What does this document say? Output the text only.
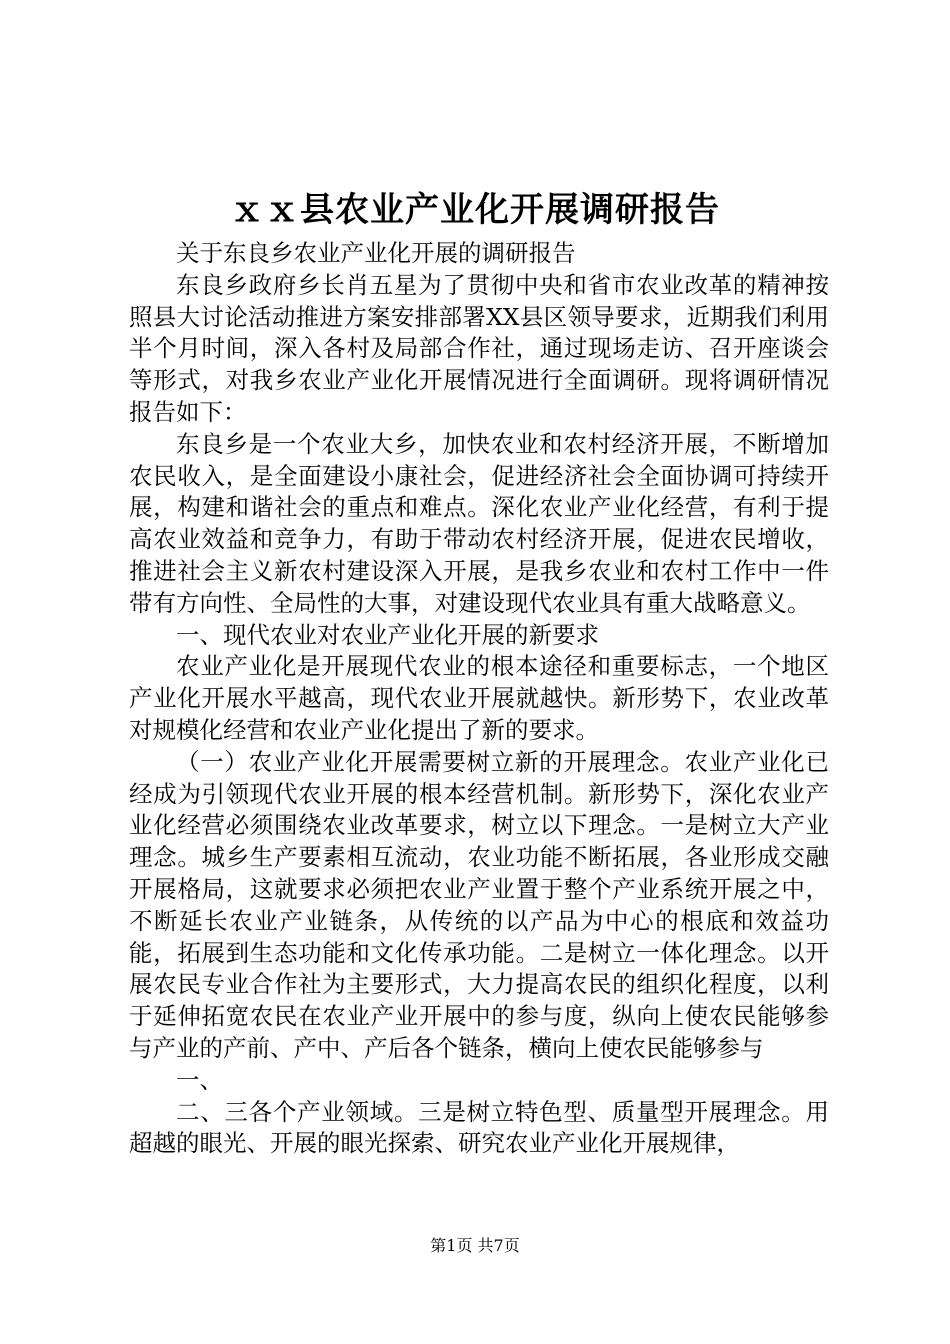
ｘｘ县农业产业化开展调研报告

关于东良乡农业产业化开展的调研报告

东良乡政府乡长肖五星为了贯彻中央和省市农业改革的精神按照县大讨论活动推进方案安排部署XX县区领导要求，近期我们利用半个月时间，深入各村及局部合作社，通过现场走访、召开座谈会等形式，对我乡农业产业化开展情况进行全面调研。现将调研情况报告如下：

东良乡是一个农业大乡，加快农业和农村经济开展，不断增加农民收入，是全面建设小康社会，促进经济社会全面协调可持续开展，构建和谐社会的重点和难点。深化农业产业化经营，有利于提高农业效益和竞争力，有助于带动农村经济开展，促进农民增收，推进社会主义新农村建设深入开展，是我乡农业和农村工作中一件带有方向性、全局性的大事，对建设现代农业具有重大战略意义。

一、现代农业对农业产业化开展的新要求

农业产业化是开展现代农业的根本途径和重要标志，一个地区产业化开展水平越高，现代农业开展就越快。新形势下，农业改革对规模化经营和农业产业化提出了新的要求。

（一）农业产业化开展需要树立新的开展理念。农业产业化已经成为引领现代农业开展的根本经营机制。新形势下，深化农业产业化经营必须围绕农业改革要求，树立以下理念。一是树立大产业理念。城乡生产要素相互流动，农业功能不断拓展，各业形成交融开展格局，这就要求必须把农业产业置于整个产业系统开展之中，不断延长农业产业链条，从传统的以产品为中心的根底和效益功能，拓展到生态功能和文化传承功能。二是树立一体化理念。以开展农民专业合作社为主要形式，大力提高农民的组织化程度，以利于延伸拓宽农民在农业产业开展中的参与度，纵向上使农民能够参与产业的产前、产中、产后各个链条，横向上使农民能够参与

一、

二、三各个产业领域。三是树立特色型、质量型开展理念。用超越的眼光、开展的眼光探索、研究农业产业化开展规律，

第1页 共7页
